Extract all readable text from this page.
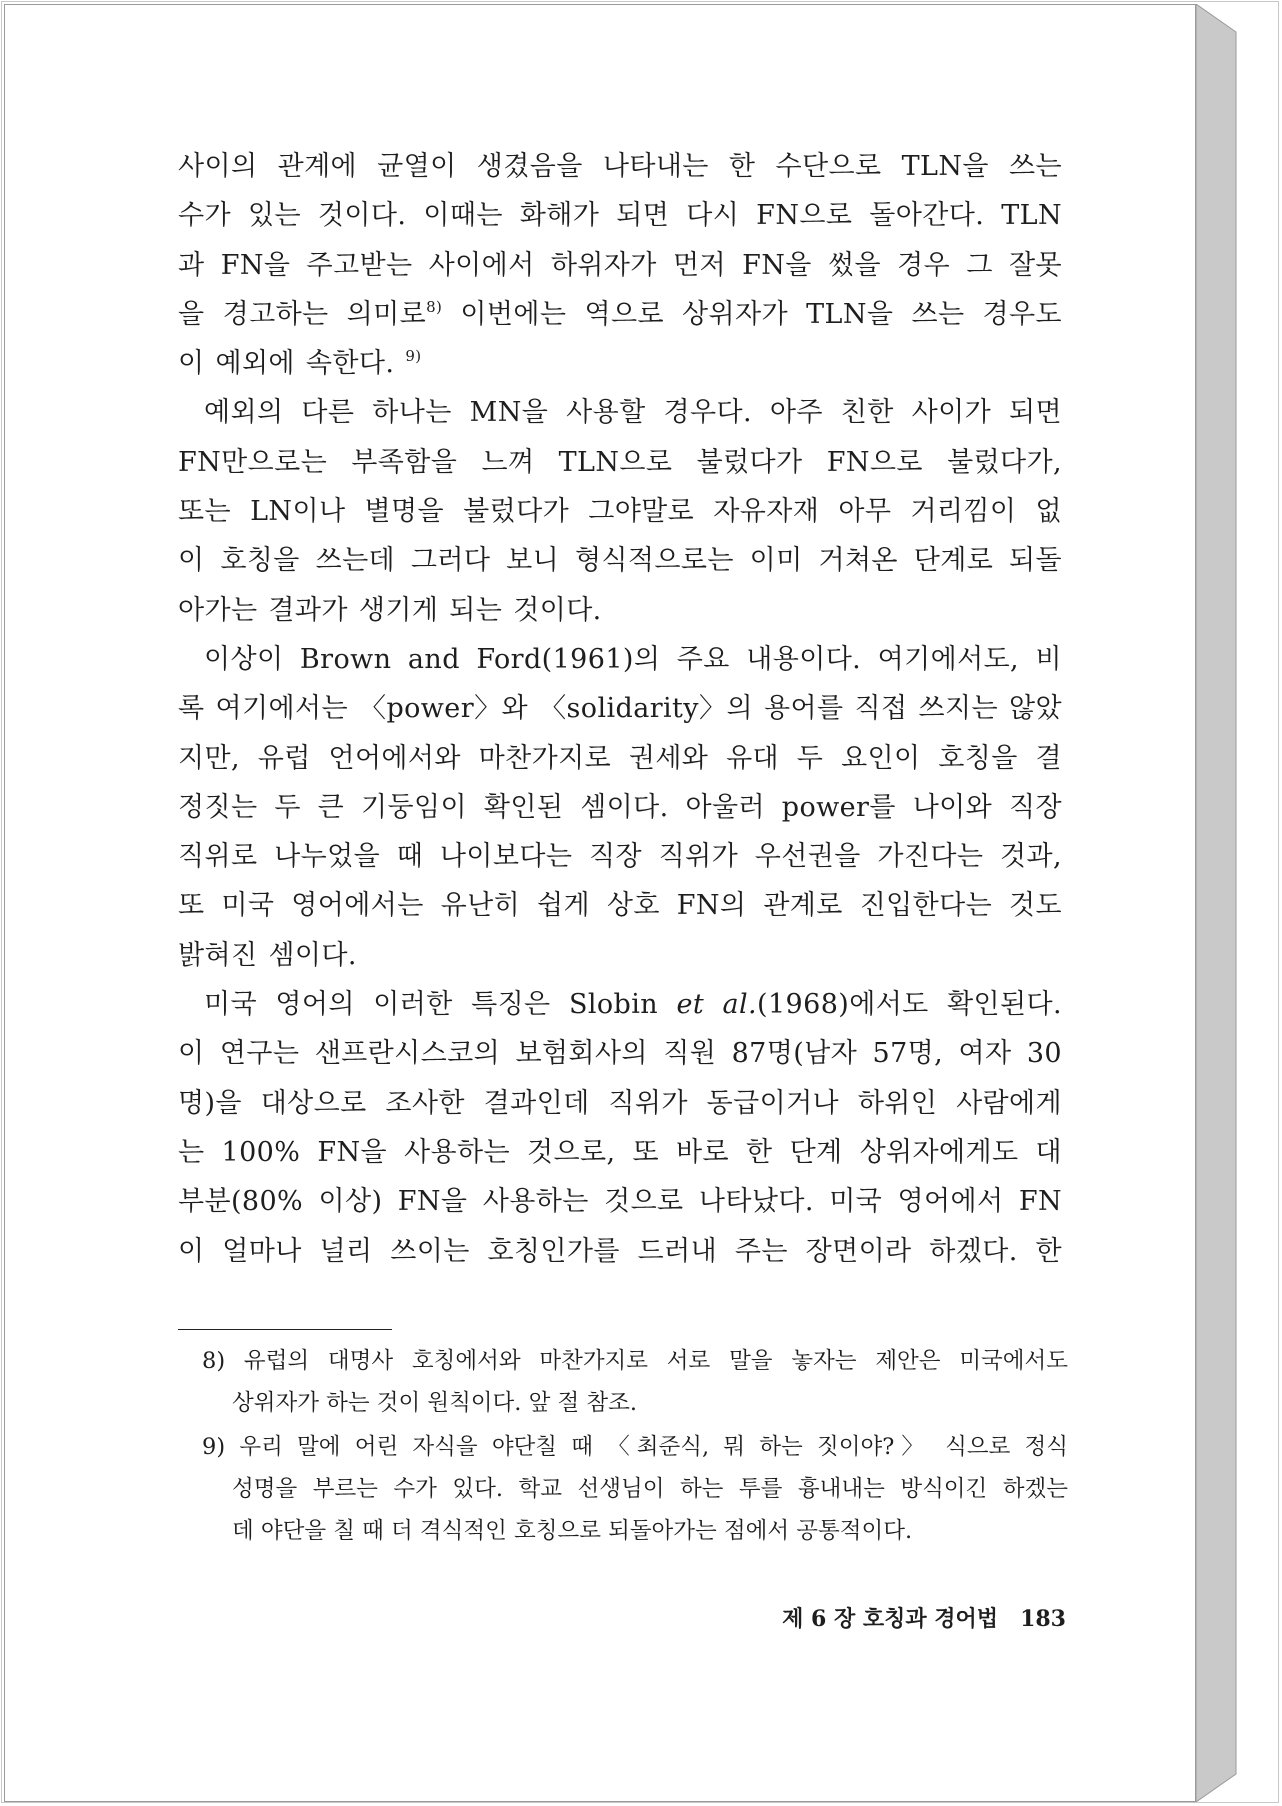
사이의 관계에 균열이 생겼음을 나타내는 한 수단으로 TLN을 쓰는
수가 있는 것이다. 이때는 화해가 되면 다시 FN으로 돌아간다. TLN
과 FN을 주고받는 사이에서 하위자가 먼저 FN을 썼을 경우 그 잘못
을 경고하는 의미로$^{8)}$ 이번에는 역으로 상위자가 TLN을 쓰는 경우도
이 예외에 속한다. $^{9)}$

예외의 다른 하나는 MN을 사용할 경우다. 아주 친한 사이가 되면
FN만으로는 부족함을 느껴 TLN으로 불렀다가 FN으로 불렀다가,
또는 LN이나 별명을 불렀다가 그야말로 자유자재 아무 거리낌이 없
이 호칭을 쓰는데 그러다 보니 형식적으로는 이미 거쳐온 단계로 되돌
아가는 결과가 생기게 되는 것이다.

이상이 Brown and Ford(1961)의 주요 내용이다. 여기에서도, 비
록 여기에서는 〈power〉와 〈solidarity〉의 용어를 직접 쓰지는 않았
지만, 유럽 언어에서와 마찬가지로 권세와 유대 두 요인이 호칭을 결
정짓는 두 큰 기둥임이 확인된 셈이다. 아울러 power를 나이와 직장
직위로 나누었을 때 나이보다는 직장 직위가 우선권을 가진다는 것과,
또 미국 영어에서는 유난히 쉽게 상호 FN의 관계로 진입한다는 것도
밝혀진 셈이다.

미국 영어의 이러한 특징은 Slobin et al.(1968)에서도 확인된다.
이 연구는 샌프란시스코의 보험회사의 직원 87명(남자 57명, 여자 30
명)을 대상으로 조사한 결과인데 직위가 동급이거나 하위인 사람에게
는 100% FN을 사용하는 것으로, 또 바로 한 단계 상위자에게도 대
부분(80% 이상) FN을 사용하는 것으로 나타났다. 미국 영어에서 FN
이 얼마나 널리 쓰이는 호칭인가를 드러내 주는 장면이라 하겠다. 한

8) 유럽의 대명사 호칭에서와 마찬가지로 서로 말을 놓자는 제안은 미국에서도
상위자가 하는 것이 원칙이다. 앞 절 참조.
9) 우리 말에 어린 자식을 야단칠 때 〈최준식, 뭐 하는 짓이야?〉 식으로 정식
성명을 부르는 수가 있다. 학교 선생님이 하는 투를 흉내내는 방식이긴 하겠는
데 야단을 칠 때 더 격식적인 호칭으로 되돌아가는 점에서 공통적이다.
제 6 장 호칭과 경어법 183
